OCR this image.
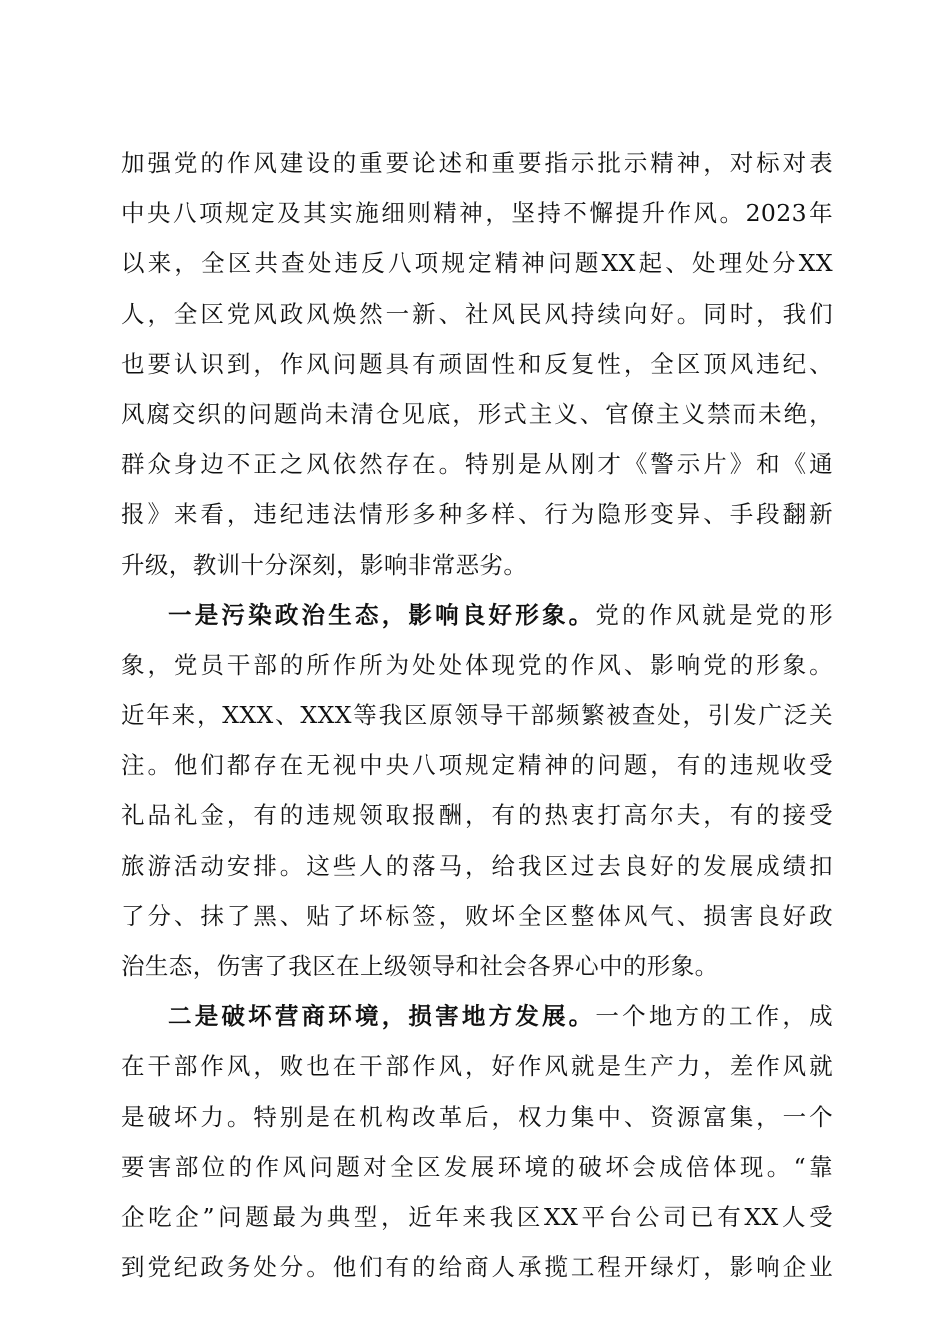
加强党的作风建设的重要论述和重要指示批示精神，对标对表
中央八项规定及其实施细则精神，坚持不懈提升作风。2023年
以来，全区共查处违反八项规定精神问题XX起、处理处分XX
人，全区党风政风焕然一新、社风民风持续向好。同时，我们
也要认识到，作风问题具有顽固性和反复性，全区顶风违纪、
风腐交织的问题尚未清仓见底，形式主义、官僚主义禁而未绝，
群众身边不正之风依然存在。特别是从刚才《警示片》和《通
报》来看，违纪违法情形多种多样、行为隐形变异、手段翻新
升级，教训十分深刻，影响非常恶劣。
一是污染政治生态，影响良好形象。党的作风就是党的形
象，党员干部的所作所为处处体现党的作风、影响党的形象。
近年来，XXX、XXX等我区原领导干部频繁被查处，引发广泛关
注。他们都存在无视中央八项规定精神的问题，有的违规收受
礼品礼金，有的违规领取报酬，有的热衷打高尔夫，有的接受
旅游活动安排。这些人的落马，给我区过去良好的发展成绩扣
了分、抹了黑、贴了坏标签，败坏全区整体风气、损害良好政
治生态，伤害了我区在上级领导和社会各界心中的形象。
二是破坏营商环境，损害地方发展。一个地方的工作，成
在干部作风，败也在干部作风，好作风就是生产力，差作风就
是破坏力。特别是在机构改革后，权力集中、资源富集，一个
要害部位的作风问题对全区发展环境的破坏会成倍体现。“靠
企吃企”问题最为典型，近年来我区XX平台公司已有XX人受
到党纪政务处分。他们有的给商人承揽工程开绿灯，影响企业
